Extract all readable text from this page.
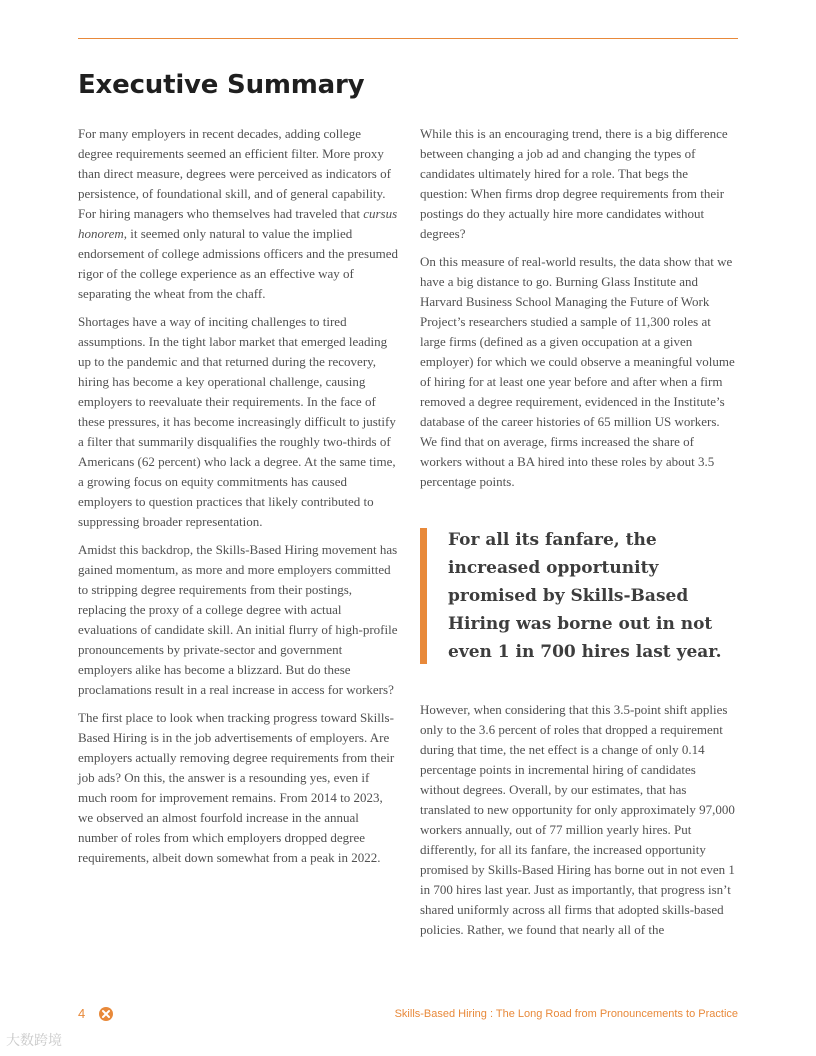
Executive Summary

For many employers in recent decades, adding college degree requirements seemed an efficient filter. More proxy than direct measure, degrees were perceived as indicators of persistence, of foundational skill, and of general capability. For hiring managers who themselves had traveled that cursus honorem, it seemed only natural to value the implied endorsement of college admissions officers and the presumed rigor of the college experience as an effective way of separating the wheat from the chaff.

Shortages have a way of inciting challenges to tired assumptions. In the tight labor market that emerged leading up to the pandemic and that returned during the recovery, hiring has become a key operational challenge, causing employers to reevaluate their requirements. In the face of these pressures, it has become increasingly difficult to justify a filter that summarily disqualifies the roughly two-thirds of Americans (62 percent) who lack a degree. At the same time, a growing focus on equity commitments has caused employers to question practices that likely contributed to suppressing broader representation.

Amidst this backdrop, the Skills-Based Hiring movement has gained momentum, as more and more employers committed to stripping degree requirements from their postings, replacing the proxy of a college degree with actual evaluations of candidate skill. An initial flurry of high-profile pronouncements by private-sector and government employers alike has become a blizzard. But do these proclamations result in a real increase in access for workers?

The first place to look when tracking progress toward Skills-Based Hiring is in the job advertisements of employers. Are employers actually removing degree requirements from their job ads? On this, the answer is a resounding yes, even if much room for improvement remains. From 2014 to 2023, we observed an almost fourfold increase in the annual number of roles from which employers dropped degree requirements, albeit down somewhat from a peak in 2022.

While this is an encouraging trend, there is a big difference between changing a job ad and changing the types of candidates ultimately hired for a role. That begs the question: When firms drop degree requirements from their postings do they actually hire more candidates without degrees?

On this measure of real-world results, the data show that we have a big distance to go. Burning Glass Institute and Harvard Business School Managing the Future of Work Project’s researchers studied a sample of 11,300 roles at large firms (defined as a given occupation at a given employer) for which we could observe a meaningful volume of hiring for at least one year before and after when a firm removed a degree requirement, evidenced in the Institute’s database of the career histories of 65 million US workers. We find that on average, firms increased the share of workers without a BA hired into these roles by about 3.5 percentage points.

For all its fanfare, the increased opportunity promised by Skills-Based Hiring was borne out in not even 1 in 700 hires last year.

However, when considering that this 3.5-point shift applies only to the 3.6 percent of roles that dropped a requirement during that time, the net effect is a change of only 0.14 percentage points in incremental hiring of candidates without degrees. Overall, by our estimates, that has translated to new opportunity for only approximately 97,000 workers annually, out of 77 million yearly hires. Put differently, for all its fanfare, the increased opportunity promised by Skills-Based Hiring has borne out in not even 1 in 700 hires last year. Just as importantly, that progress isn’t shared uniformly across all firms that adopted skills-based policies. Rather, we found that nearly all of the

4	Skills-Based Hiring : The Long Road from Pronouncements to Practice
大数跨境
